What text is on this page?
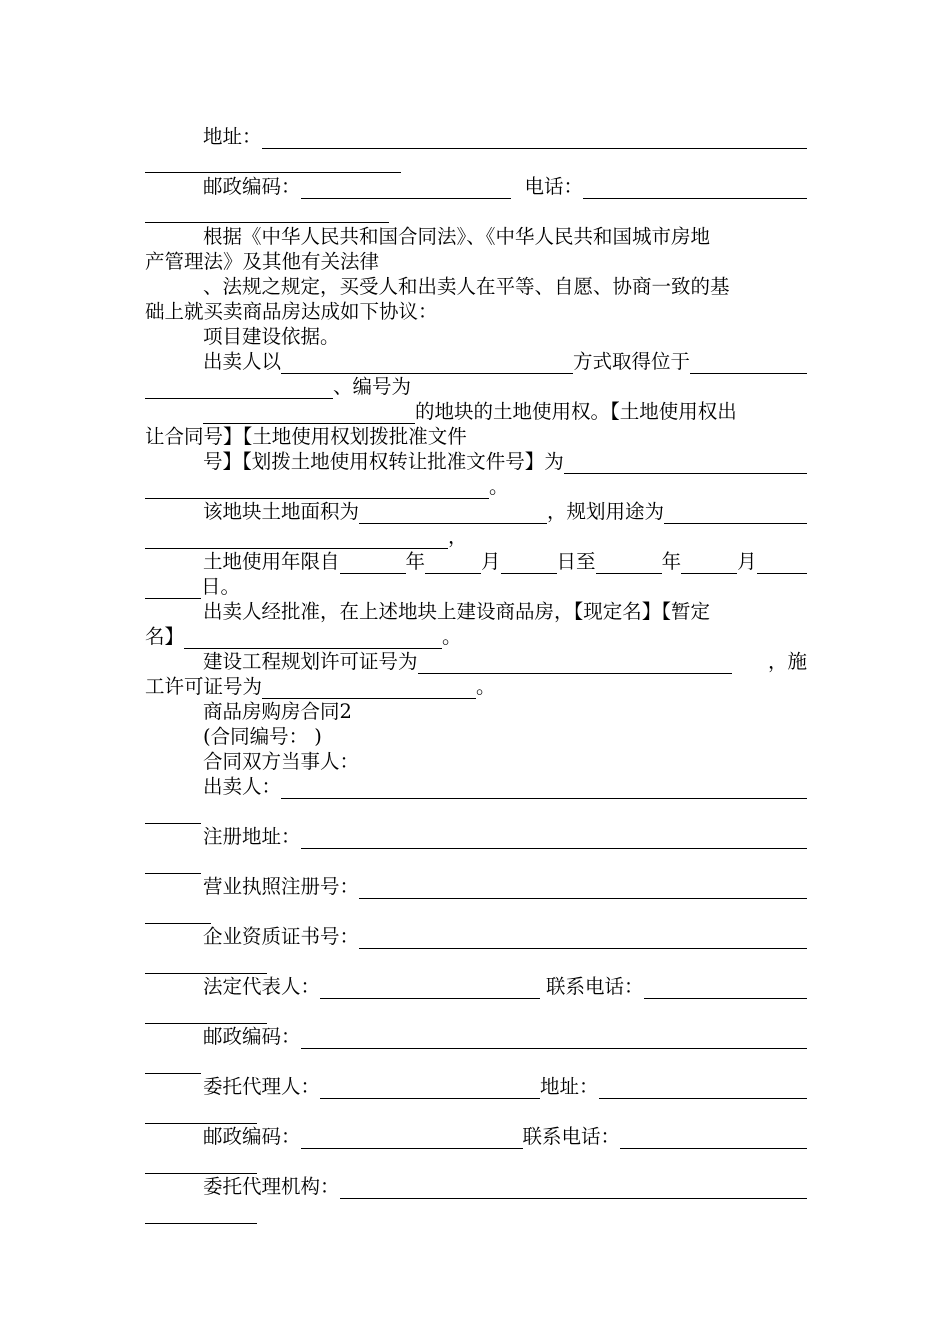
地址：
邮政编码：	电话：
根据《中华人民共和国合同法》、《中华人民共和国城市房地
产管理法》及其他有关法律
、法规之规定，买受人和出卖人在平等、自愿、协商一致的基
础上就买卖商品房达成如下协议：
项目建设依据。
出卖人以	方式取得位于
、编号为
的地块的土地使用权。【土地使用权出
让合同号】【土地使用权划拨批准文件
号】【划拨土地使用权转让批准文件号】为
。
该地块土地面积为	，规划用途为
，
土地使用年限自	年	月	日至	年	月
日。
出卖人经批准，在上述地块上建设商品房，【现定名】【暂定
名】	。
建设工程规划许可证号为	，施
工许可证号为	。
商品房购房合同2
(合同编号： )
合同双方当事人：
出卖人：
注册地址：
营业执照注册号：
企业资质证书号：
法定代表人：	联系电话：
邮政编码：
委托代理人：	地址：
邮政编码：	联系电话：
委托代理机构：
